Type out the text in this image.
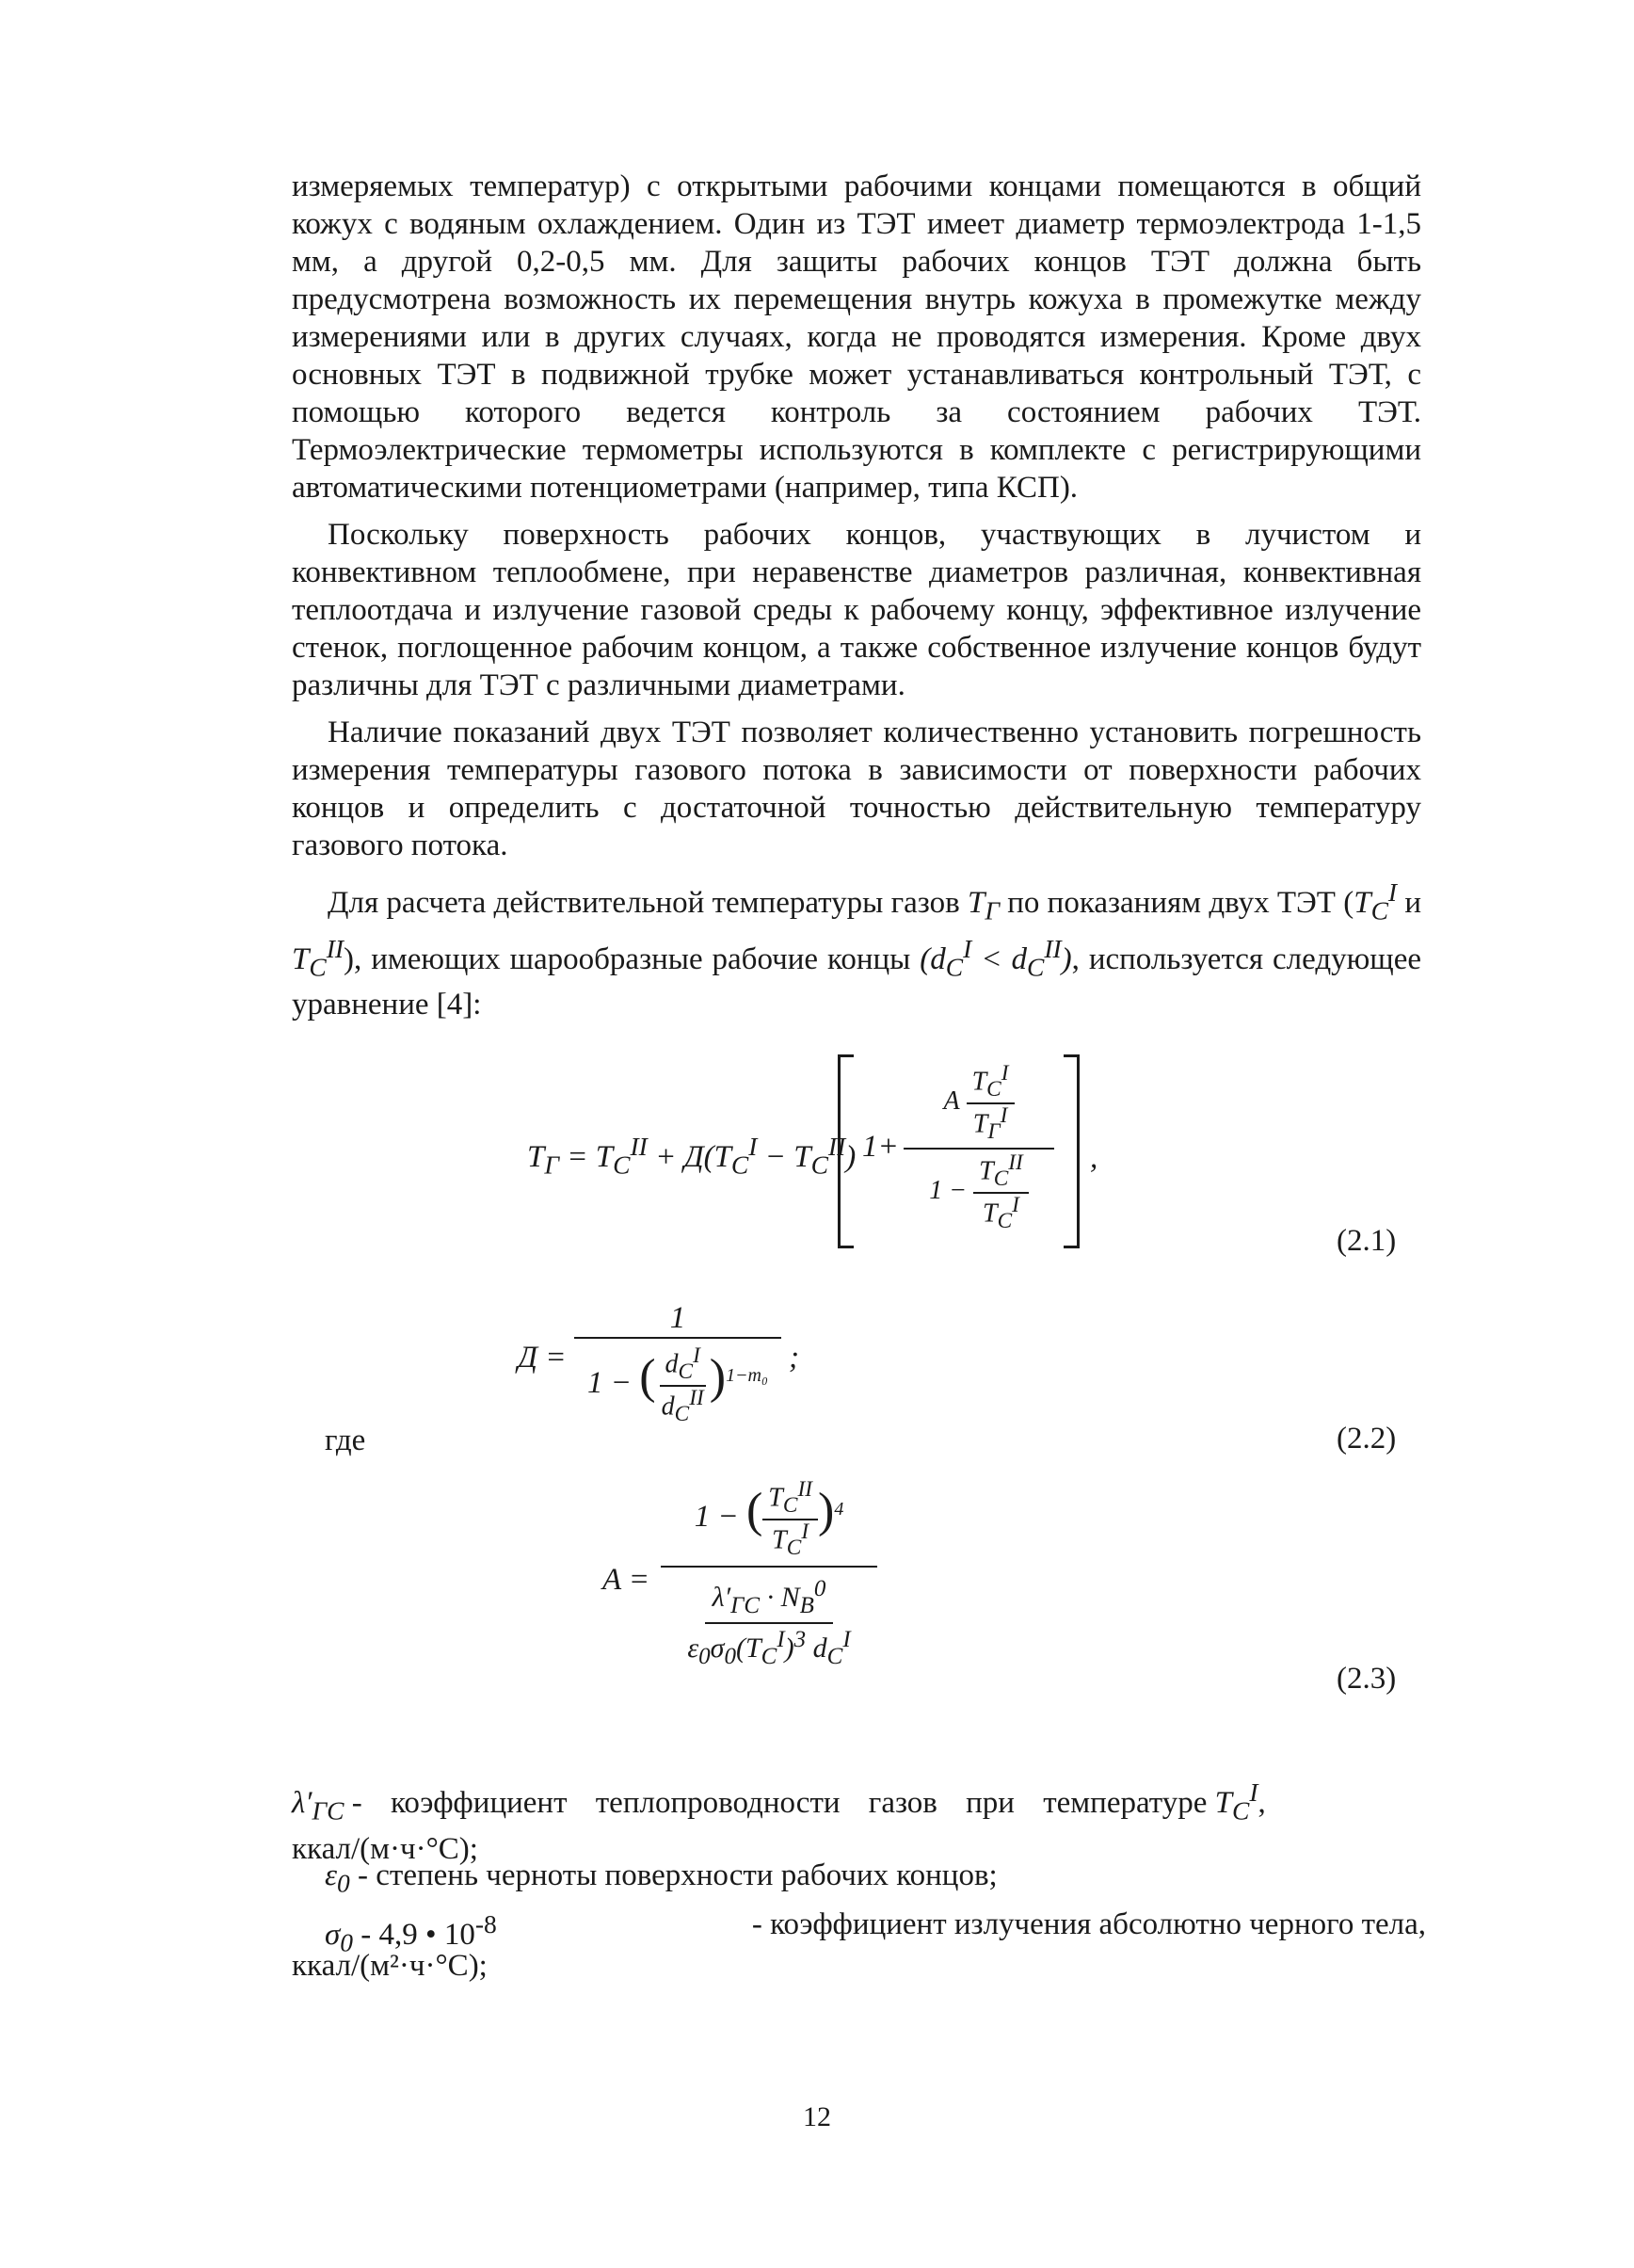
измеряемых температур) с открытыми рабочими концами помещаются в общий кожух с водяным охлаждением. Один из ТЭТ имеет диаметр термоэлектрода 1-1,5 мм, а другой 0,2-0,5 мм. Для защиты рабочих концов ТЭТ должна быть предусмотрена возможность их перемещения внутрь кожуха в промежутке между измерениями или в других случаях, когда не проводятся измерения. Кроме двух основных ТЭТ в подвижной трубке может устанавливаться контрольный ТЭТ, с помощью которого ведется контроль за состоянием рабочих ТЭТ. Термоэлектрические термометры используются в комплекте с регистрирующими автоматическими потенциометрами (например, типа КСП).

Поскольку поверхность рабочих концов, участвующих в лучистом и конвективном теплообмене, при неравенстве диаметров различная, конвективная теплоотдача и излучение газовой среды к рабочему концу, эффективное излучение стенок, поглощенное рабочим концом, а также собственное излучение концов будут различны для ТЭТ с различными диаметрами.

Наличие показаний двух ТЭТ позволяет количественно установить погрешность измерения температуры газового потока в зависимости от поверхности рабочих концов и определить с достаточной точностью действительную температуру газового потока.

Для расчета действительной температуры газов $T_Г$ по показаниям двух ТЭТ ($T_C^I$ и $T_C^{II}$), имеющих шарообразные рабочие концы $(d_C^I < d_C^{II})$, используется следующее уравнение [4]:

$T_Г = T_C^{II} + Д(T_C^I - T_C^{II})$ 1+
A $\frac{T_C^I}{T_Г^I}$
$1 - \frac{T_C^{II}}{T_C^I}$ ,
(2.1)
Д =
1
1 − ( $\frac{d_C^I}{d_C^{II}} )^{1-m_0}$
;
где	(2.2)
A =
1 − ( $\frac{T_C^{II}}{T_C^I} )^4$
$\lambda'_{ГС} \cdot N_B^0$
$\varepsilon_0\sigma_0(T_C^I)^3$ $d_C^I$
(2.3)
$\lambda'_{ГС}$ - коэффициент теплопроводности газов при температуре $T_C^I$,
ккал/(м·ч·°С);
$\varepsilon_0$ - степень черноты поверхности рабочих концов;
$\sigma_0 - 4,9$ • $10^{-8}$	- коэффициент излучения абсолютно черного тела,
ккал/(м²·ч·°С);
12
